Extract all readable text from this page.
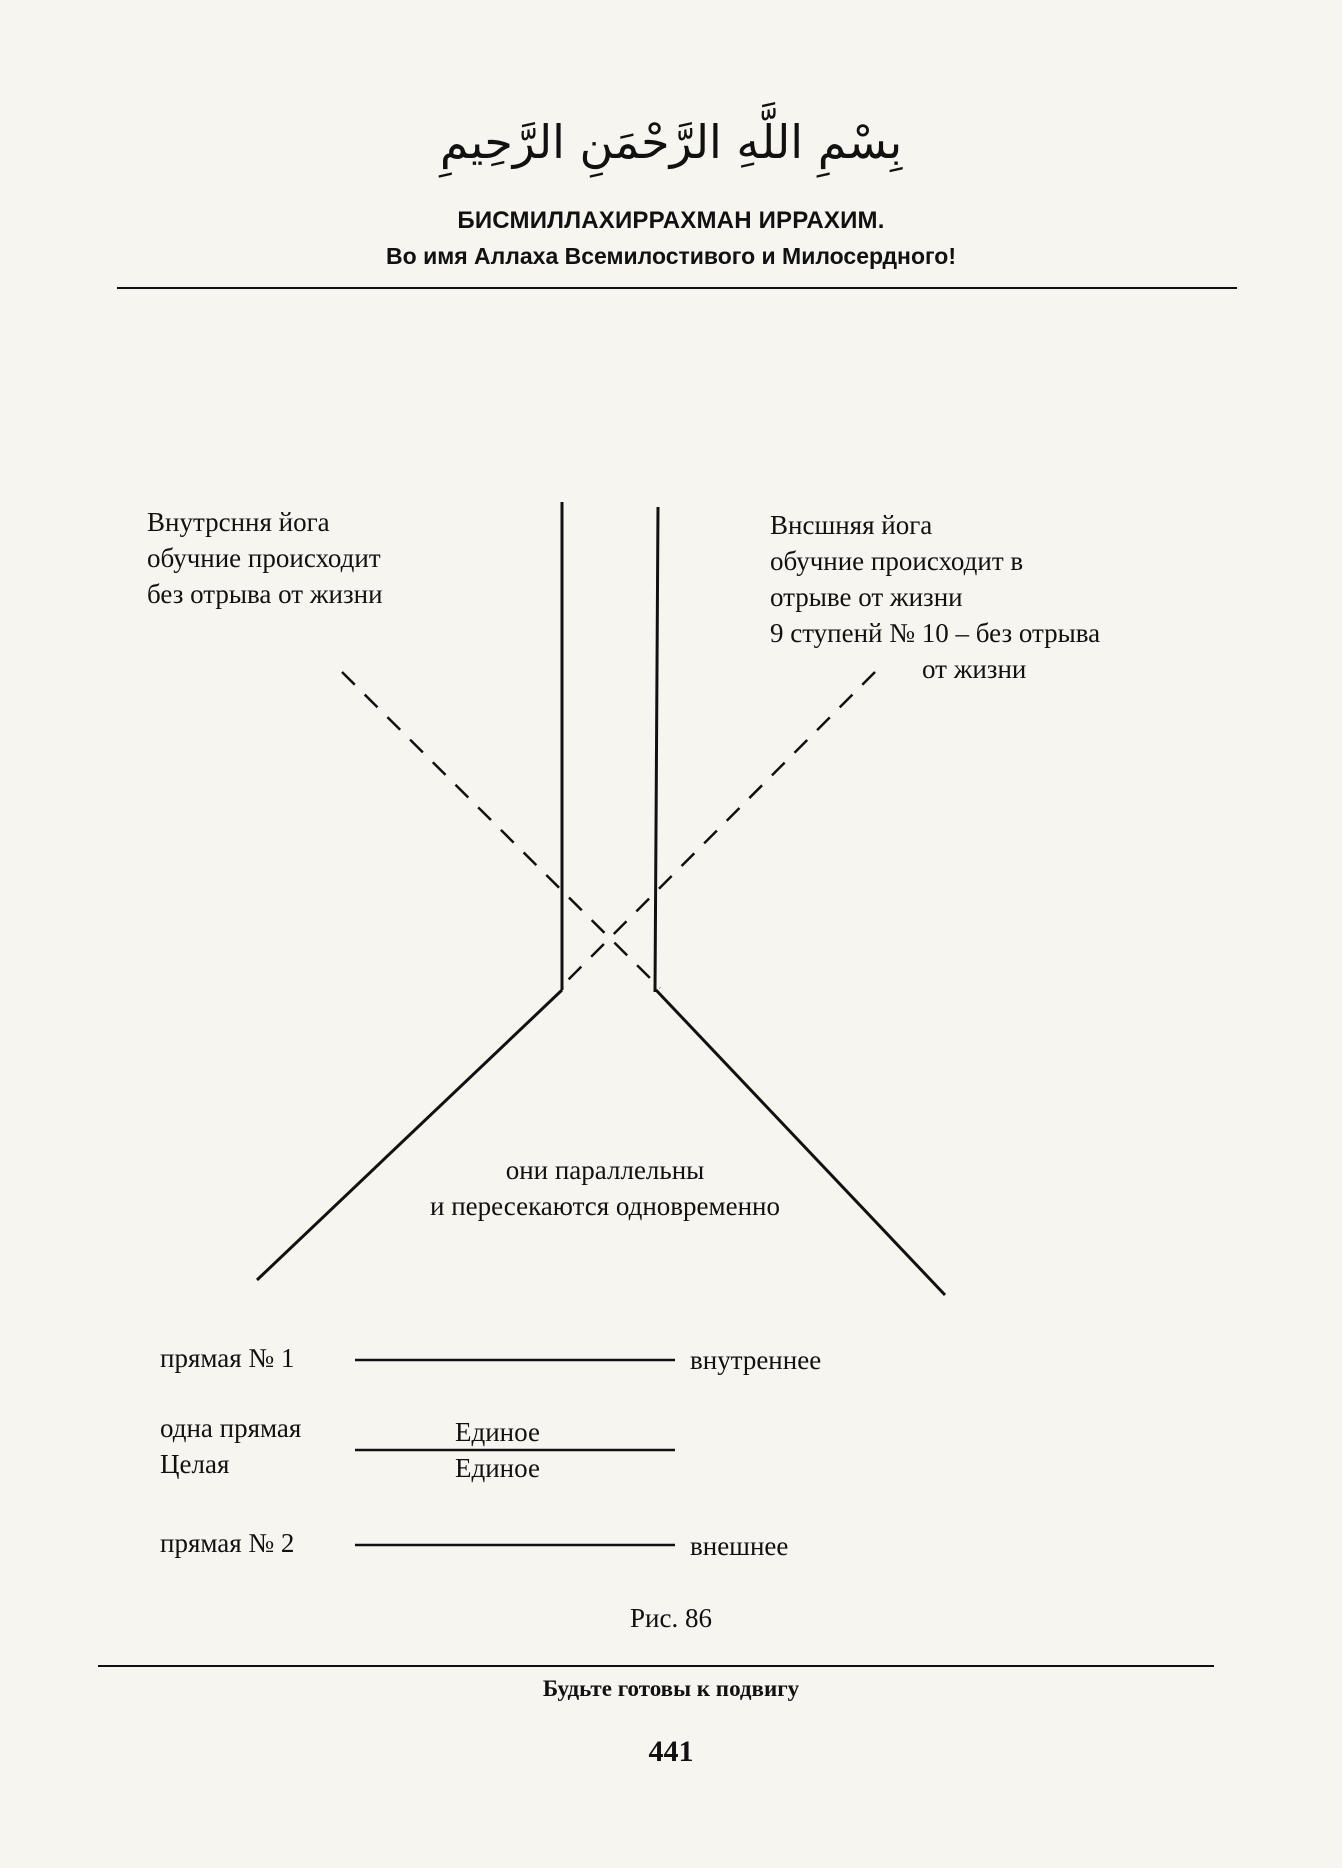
بِسْمِ اللَّهِ الرَّحْمَنِ الرَّحِيمِ
БИСМИЛЛАХИРРАХМАН ИРРАХИМ.
Во имя Аллаха Всемилостивого и Милосердного!
Внутрсння йога
обучние происходит
без отрыва от жизни
Внсшняя йога
обучние происходит в
отрыве от жизни
9 ступенй № 10 – без отрыва
от жизни
они параллельны
и пересекаются одновременно
прямая № 1	внутреннее
одна прямая
Целая
Единое
Единое
прямая № 2	внешнее
Рис. 86
Будьте готовы к подвигу
441
